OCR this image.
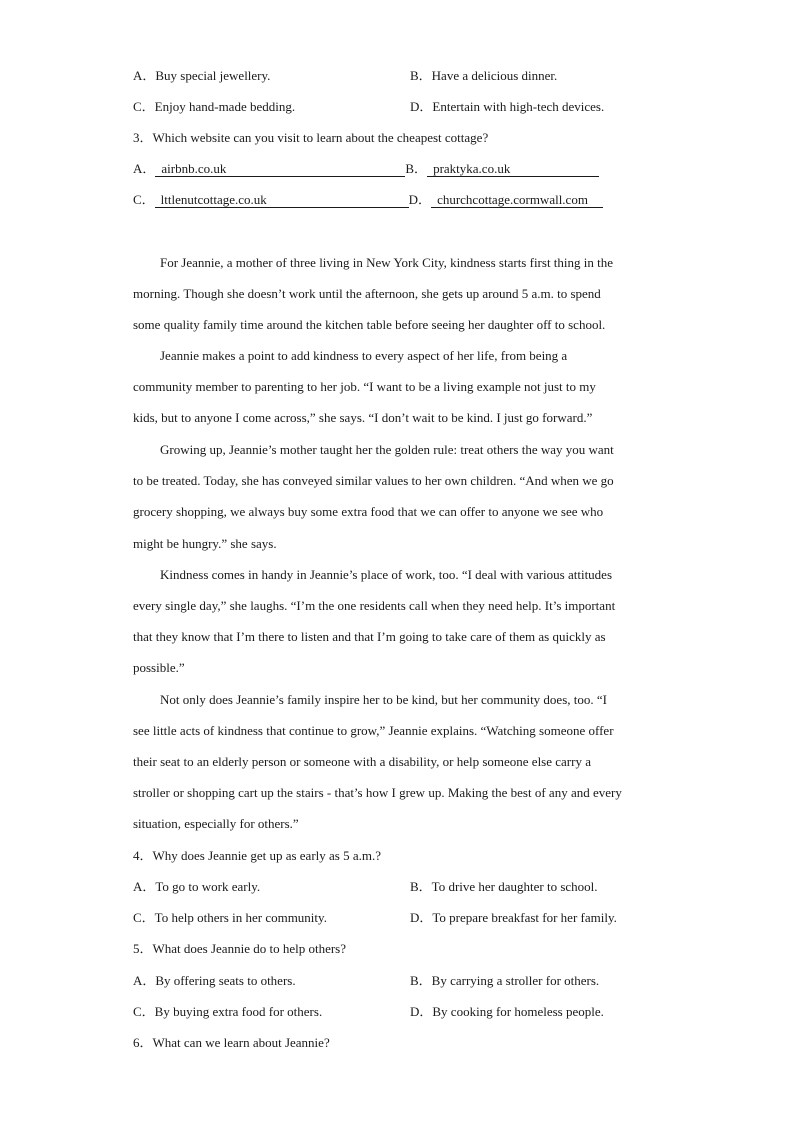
A．Buy special jewellery.	B．Have a delicious dinner.
C．Enjoy hand-made bedding.	D．Entertain with high-tech devices.
3．Which website can you visit to learn about the cheapest cottage?
A． airbnb.co.uk	B． praktyka.co.uk
C． lttlenutcottage.co.uk	D． churchcottage.cormwall.com
For Jeannie, a mother of three living in New York City, kindness starts first thing in the
morning. Though she doesn’t work until the afternoon, she gets up around 5 a.m. to spend
some quality family time around the kitchen table before seeing her daughter off to school.
Jeannie makes a point to add kindness to every aspect of her life, from being a
community member to parenting to her job. “I want to be a living example not just to my
kids, but to anyone I come across,” she says. “I don’t wait to be kind. I just go forward.”
Growing up, Jeannie’s mother taught her the golden rule: treat others the way you want
to be treated. Today, she has conveyed similar values to her own children. “And when we go
grocery shopping, we always buy some extra food that we can offer to anyone we see who
might be hungry.” she says.
Kindness comes in handy in Jeannie’s place of work, too. “I deal with various attitudes
every single day,” she laughs. “I’m the one residents call when they need help. It’s important
that they know that I’m there to listen and that I’m going to take care of them as quickly as
possible.”
Not only does Jeannie’s family inspire her to be kind, but her community does, too. “I
see little acts of kindness that continue to grow,” Jeannie explains. “Watching someone offer
their seat to an elderly person or someone with a disability, or help someone else carry a
stroller or shopping cart up the stairs - that’s how I grew up. Making the best of any and every
situation, especially for others.”
4．Why does Jeannie get up as early as 5 a.m.?
A．To go to work early.	B．To drive her daughter to school.
C．To help others in her community.	D．To prepare breakfast for her family.
5．What does Jeannie do to help others?
A．By offering seats to others.	B．By carrying a stroller for others.
C．By buying extra food for others.	D．By cooking for homeless people.
6．What can we learn about Jeannie?
